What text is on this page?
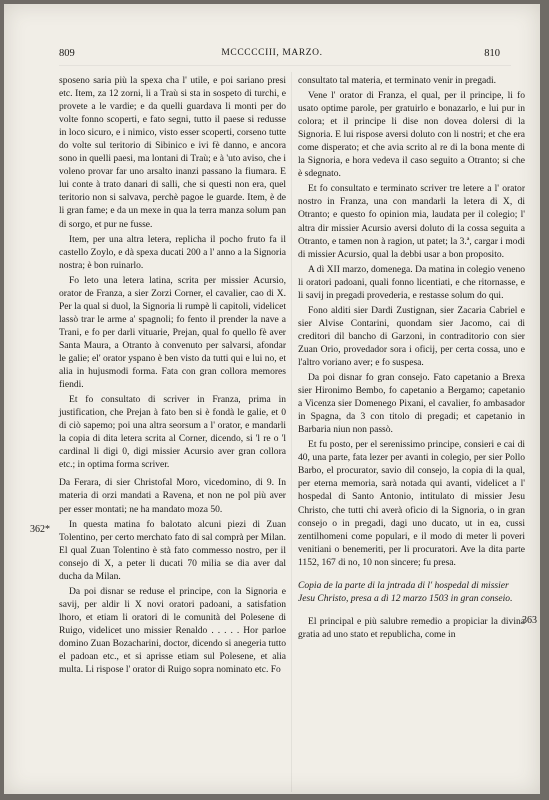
809	MCCCCCIII, MARZO.	810
362*
363

sposeno saria più la spexa cha l' utile, e poi sariano presi etc. Item, za 12 zorni, li a Traù si sta in sospeto di turchi, e provete a le vardie; e da quelli guardava li monti per do volte fonno scoperti, e fato segni, tutto il paese si redusse in loco sicuro, e i nimico, visto esser scoperti, corseno tutte do volte sul teritorio di Sibinico e ivi fè danno, e ancora sono in quelli paesi, ma lontani di Traù; e à 'uto aviso, che i voleno provar far uno arsalto inanzi passano la fiumara. E lui conte à trato danari di salli, che si questi non era, quel teritorio non si salvava, perchè pagoe le guarde. Item, è de li gran fame; e da un mexe in qua la terra manza solum pan di sorgo, et pur ne fusse.

Item, per una altra letera, replicha il pocho fruto fa il castello Zoylo, e dà spexa ducati 200 a l' anno a la Signoria nostra; è bon ruinarlo.

Fo leto una letera latina, scrita per missier Acursio, orator de Franza, a sier Zorzi Corner, el cavalier, cao di X. Per la qual si duol, la Signoria li rumpè li capitoli, videlicet lassò trar le arme a' spagnoli; fo fento il prender la nave a Trani, e fo per darli vituarie, Prejan, qual fo quello fè aver Santa Maura, a Otranto à convenuto per salvarsi, afondar le galie; el' orator yspano è ben visto da tutti qui e lui no, et alia in hujusmodi forma. Fata con gran collora memores fiendi.

Et fo consultato di scriver in Franza, prima in justification, che Prejan à fato ben si è fondà le galie, et 0 di ciò sapemo; poi una altra seorsum a l' orator, e mandarli la copia di dita letera scrita al Corner, dicendo, si 'l re o 'l cardinal li digi 0, digi missier Acursio aver gran collora etc.; in optima forma scriver.

Da Ferara, di sier Christofal Moro, vicedomino, di 9. In materia di orzi mandati a Ravena, et non ne pol più aver per esser montati; ne ha mandato moza 50.

In questa matina fo balotato alcuni piezi di Zuan Tolentino, per certo merchato fato di sal comprà per Milan. El qual Zuan Tolentino è stà fato commesso nostro, per il consejo di X, a peter li ducati 70 milia se dia aver dal ducha da Milan.

Da poi disnar se reduse el principe, con la Signoria e savij, per aldir li X novi oratori padoani, a satisfation lhoro, et etiam li oratori di le comunità del Polesene di Ruigo, videlicet uno missier Renaldo . . . . . Hor parloe domino Zuan Bozacharini, doctor, dicendo si anegeria tutto el padoan etc., et si aprisse etiam sul Polesene, et alia multa. Li rispose l' orator di Ruigo sopra nominato etc. Fo

consultato tal materia, et terminato venir in pregadi.

Vene l' orator di Franza, el qual, per il principe, li fo usato optime parole, per gratuirlo e bonazarlo, e lui pur in colora; et il principe li dise non dovea dolersi di la Signoria. E lui rispose aversi doluto con li nostri; et che era come disperato; et che avia scrito al re di la bona mente di la Signoria, e hora vedeva il caso seguito a Otranto; si che è sdegnato.

Et fo consultato e terminato scriver tre letere a l' orator nostro in Franza, una con mandarli la letera di X, di Otranto; e questo fo opinion mia, laudata per il colegio; l' altra dir missier Acursio aversi doluto di la cossa seguita a Otranto, e tamen non à ragion, ut patet; la 3.ª, cargar i modi di missier Acursio, qual la debbi usar a bon proposito.

A dì XII marzo, domenega. Da matina in colegio veneno li oratori padoani, quali fonno licentiati, e che ritornasse, e li savij in pregadi provederia, e restasse solum do qui.

Fono alditi sier Dardi Zustignan, sier Zacaria Cabriel e sier Alvise Contarini, quondam sier Jacomo, cai di creditori dil bancho di Garzoni, in contraditorio con sier Zuan Orio, provedador sora i oficij, per certa cossa, uno e l'altro voriano aver; e fo suspesa.

Da poi disnar fo gran consejo. Fato capetanio a Brexa sier Hironimo Bembo, fo capetanio a Bergamo; capetanio a Vicenza sier Domenego Pixani, el cavalier, fo ambasador in Spagna, da 3 con titolo di pregadi; et capetanio in Barbaria niun non passò.

Et fu posto, per el serenissimo principe, consieri e cai di 40, una parte, fata lezer per avanti in colegio, per sier Pollo Barbo, el procurator, savio dil consejo, la copia di la qual, per eterna memoria, sarà notada qui avanti, videlicet a l' hospedal di Santo Antonio, intitulato di missier Jesu Christo, che tutti chi averà oficio di la Signoria, o in gran consejo o in pregadi, dagi uno ducato, ut in ea, cussi zentilhomeni come populari, e il modo di meter li poveri venitiani o benemeriti, per li procuratori. Ave la dita parte 1152, 167 di no, 10 non sincere; fu presa.

Copia de la parte di la jntrada di l' hospedal di missier Jesu Christo, presa a dì 12 marzo 1503 in gran conseio.

El principal e più salubre remedio a propiciar la divina gratia ad uno stato et republicha, come in
